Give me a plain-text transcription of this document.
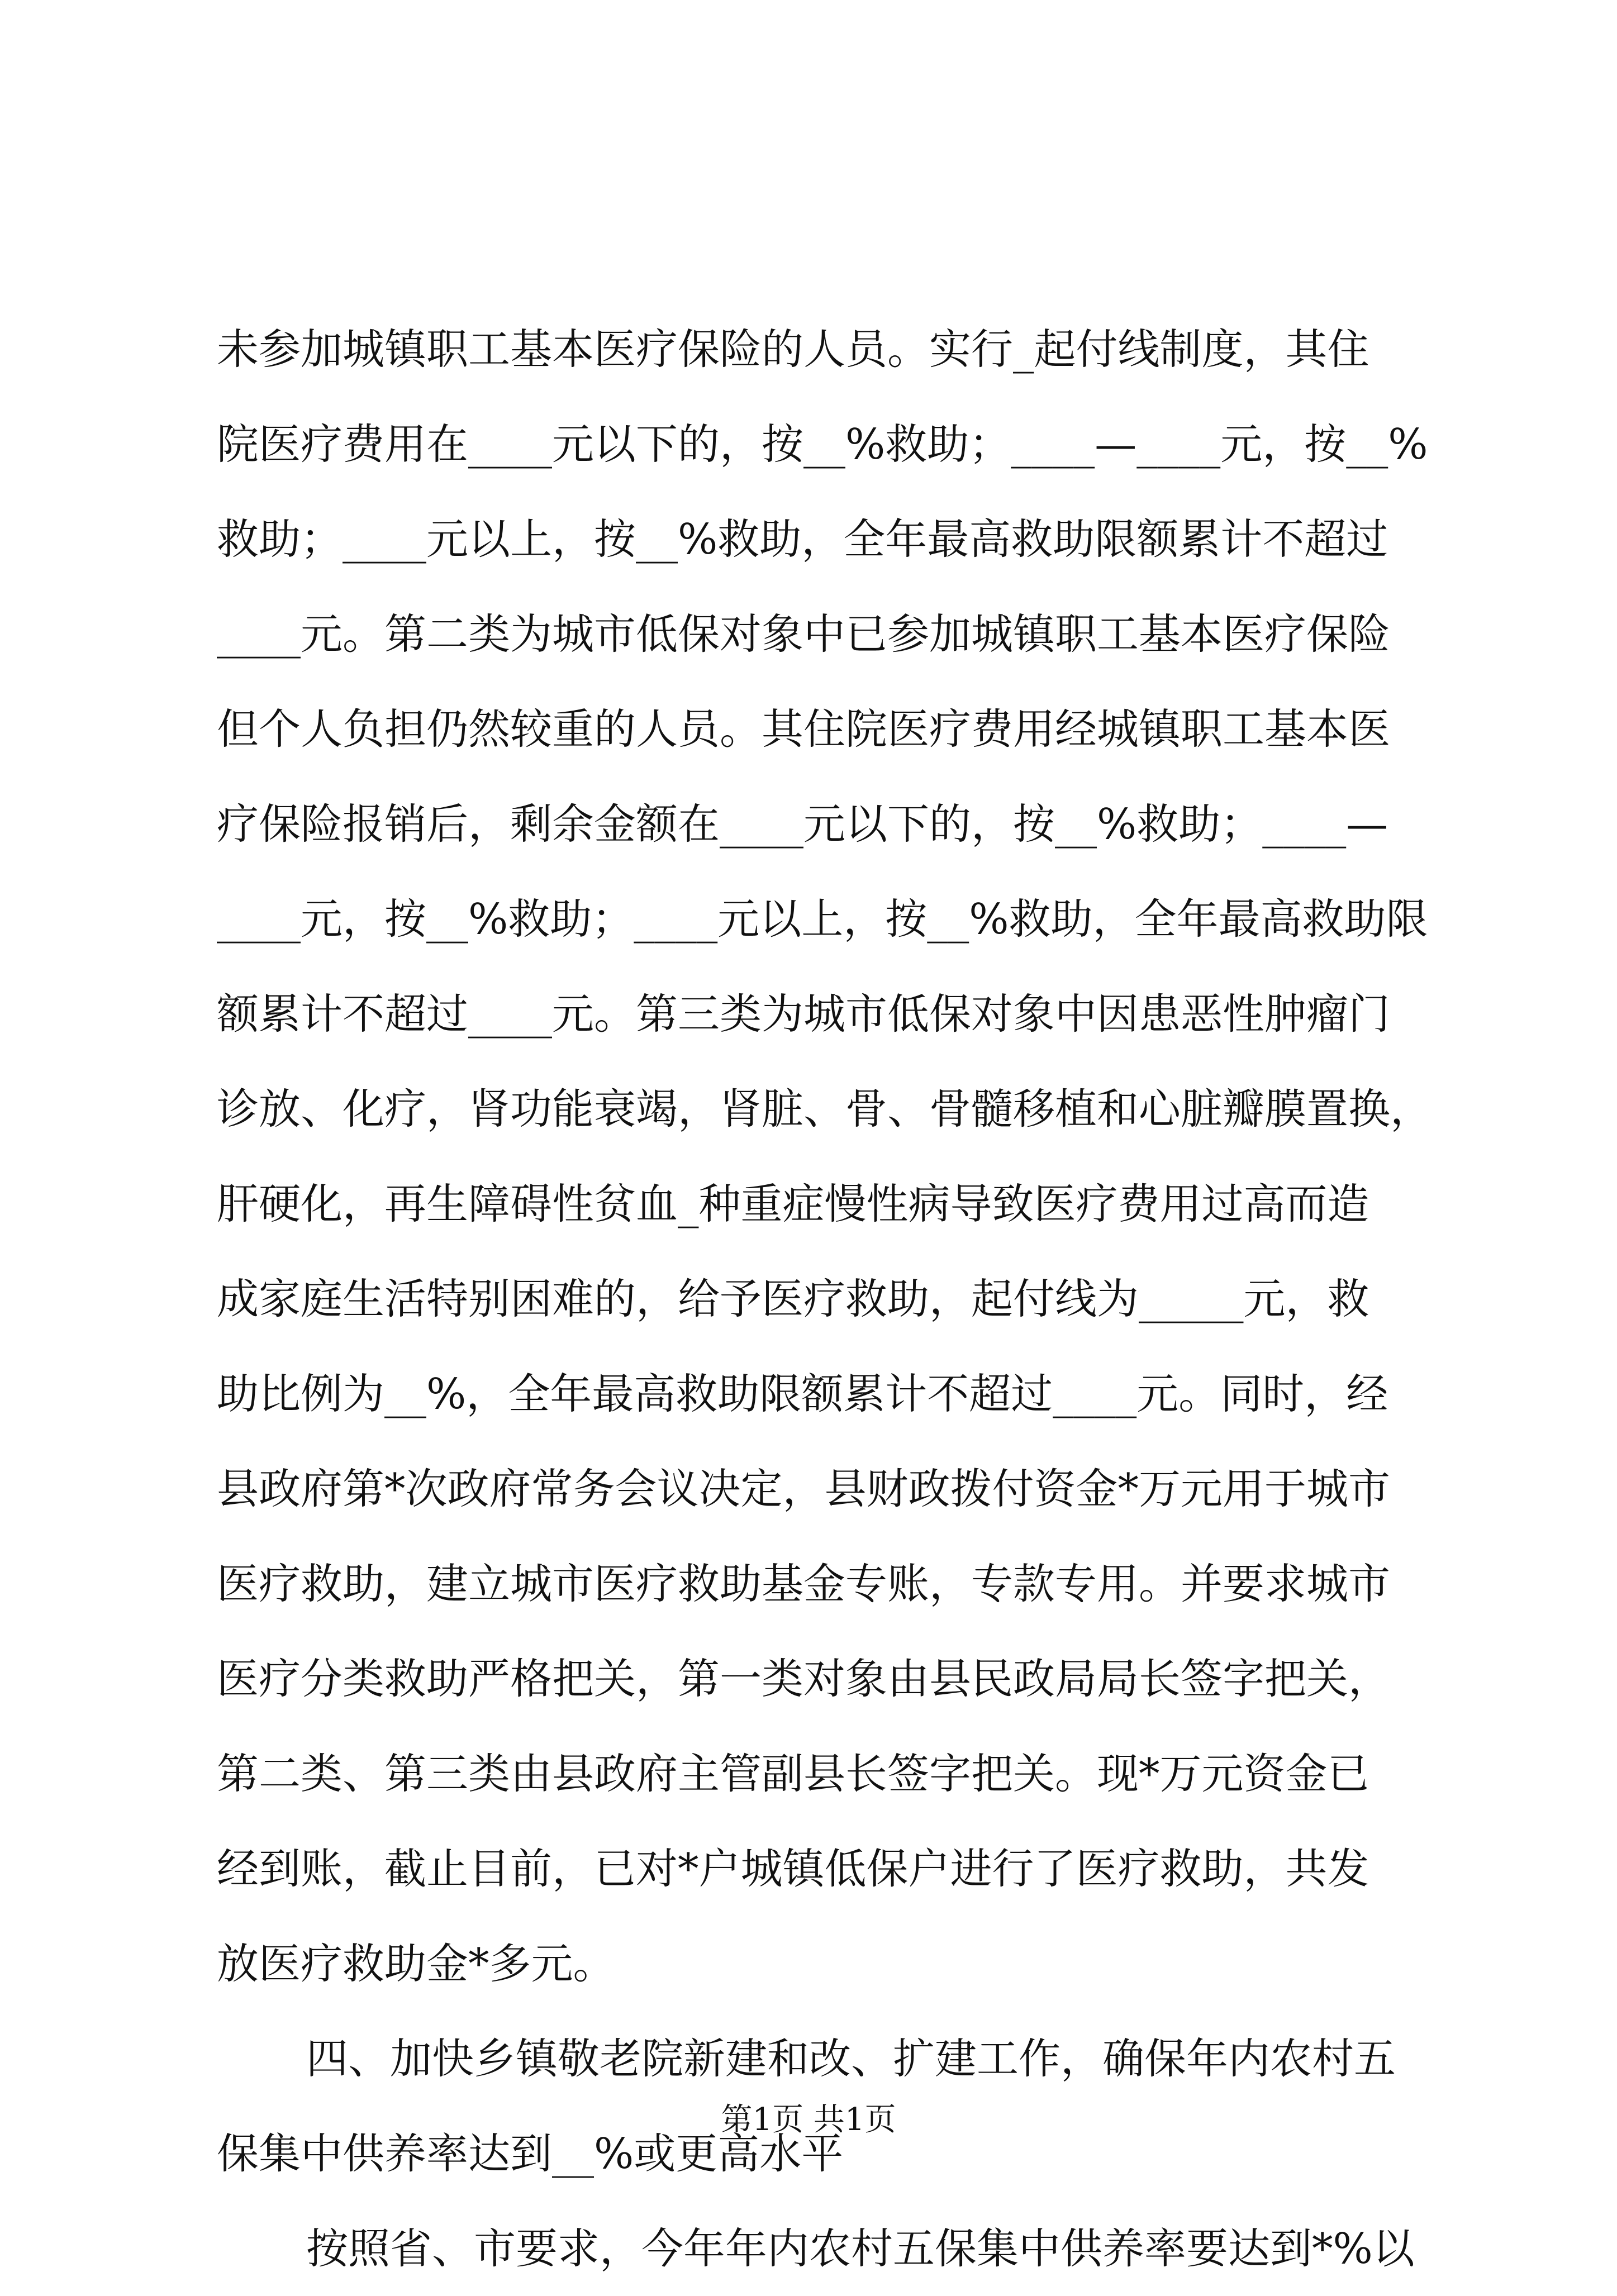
未参加城镇职工基本医疗保险的人员。实行_起付线制度，其住
院医疗费用在____元以下的，按__%救助；____—____元，按__%
救助；____元以上，按__%救助，全年最高救助限额累计不超过
____元。第二类为城市低保对象中已参加城镇职工基本医疗保险
但个人负担仍然较重的人员。其住院医疗费用经城镇职工基本医
疗保险报销后，剩余金额在____元以下的，按__%救助；____—
____元，按__%救助；____元以上，按__%救助，全年最高救助限
额累计不超过____元。第三类为城市低保对象中因患恶性肿瘤门
诊放、化疗，肾功能衰竭，肾脏、骨、骨髓移植和心脏瓣膜置换，
肝硬化，再生障碍性贫血_种重症慢性病导致医疗费用过高而造
成家庭生活特别困难的，给予医疗救助，起付线为_____元，救
助比例为__%，全年最高救助限额累计不超过____元。同时，经
县政府第*次政府常务会议决定，县财政拨付资金*万元用于城市
医疗救助，建立城市医疗救助基金专账，专款专用。并要求城市
医疗分类救助严格把关，第一类对象由县民政局局长签字把关，
第二类、第三类由县政府主管副县长签字把关。现*万元资金已
经到账，截止目前，已对*户城镇低保户进行了医疗救助，共发
放医疗救助金*多元。
四、加快乡镇敬老院新建和改、扩建工作，确保年内农村五
保集中供养率达到__%或更高水平
按照省、市要求，今年年内农村五保集中供养率要达到*%以
第1页 共1页
